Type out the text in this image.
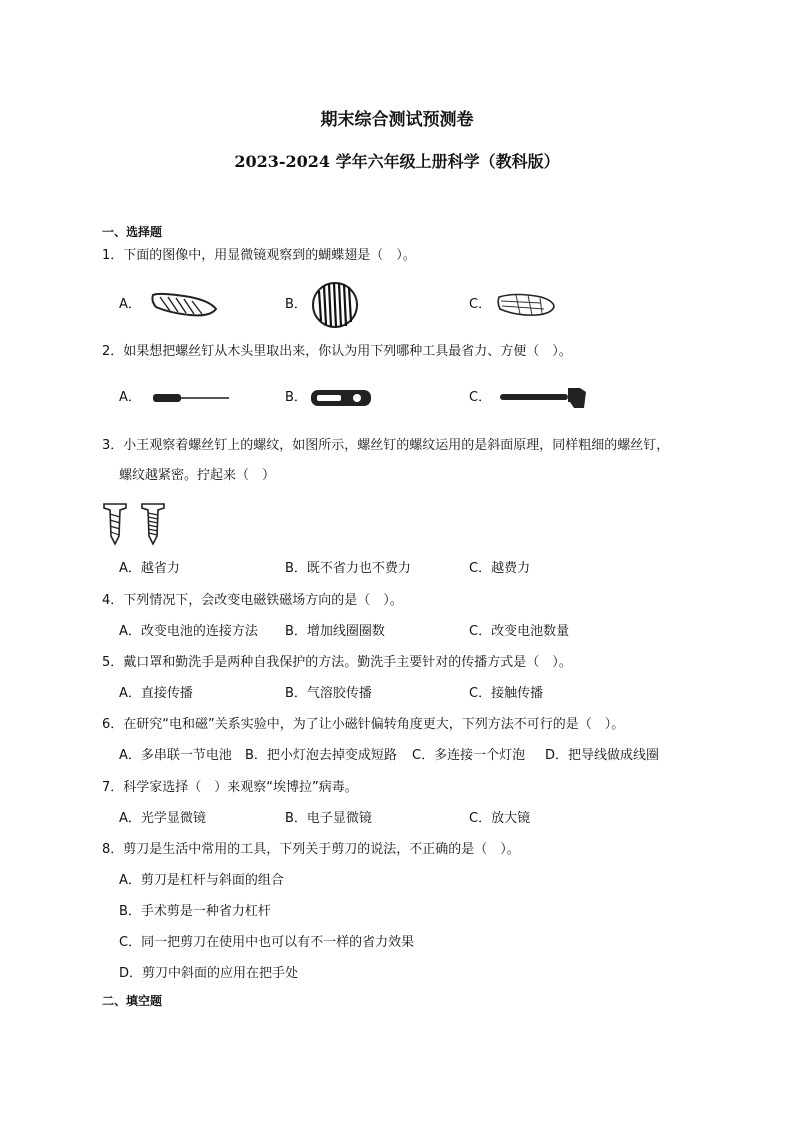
期末综合测试预测卷
2023-2024 学年六年级上册科学（教科版）
一、选择题
1．下面的图像中，用显微镜观察到的蝴蝶翅是（　）。
A．	B．	C．
2．如果想把螺丝钉从木头里取出来，你认为用下列哪种工具最省力、方便（　）。
A．	B．	C．
3．小王观察着螺丝钉上的螺纹，如图所示，螺丝钉的螺纹运用的是斜面原理，同样粗细的螺丝钉，
螺纹越紧密。拧起来（　）
A．越省力	B．既不省力也不费力	C．越费力
4．下列情况下，会改变电磁铁磁场方向的是（　）。
A．改变电池的连接方法 B．增加线圈圈数	C．改变电池数量
5．戴口罩和勤洗手是两种自我保护的方法。勤洗手主要针对的传播方式是（　）。
A．直接传播	B．气溶胶传播	C．接触传播
6．在研究“电和磁”关系实验中，为了让小磁针偏转角度更大，下列方法不可行的是（　）。
A．多串联一节电池 B．把小灯泡去掉变成短路 C．多连接一个灯泡 D．把导线做成线圈
7．科学家选择（　）来观察“埃博拉”病毒。
A．光学显微镜	B．电子显微镜	C．放大镜
8．剪刀是生活中常用的工具，下列关于剪刀的说法，不正确的是（　）。
A．剪刀是杠杆与斜面的组合
B．手术剪是一种省力杠杆
C．同一把剪刀在使用中也可以有不一样的省力效果
D．剪刀中斜面的应用在把手处
二、填空题
